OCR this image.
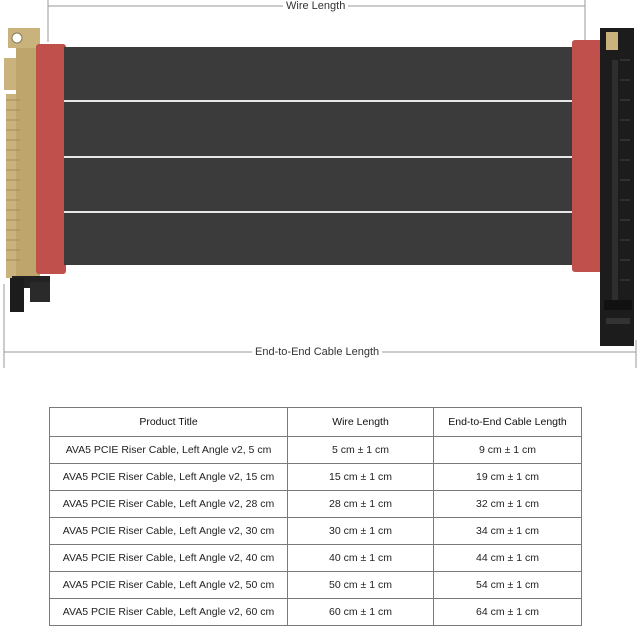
Wire Length
End-to-End Cable Length
Product Title	Wire Length	End-to-End Cable Length
AVA5 PCIE Riser Cable, Left Angle v2, 5 cm	5 cm ± 1 cm	9 cm ± 1 cm
AVA5 PCIE Riser Cable, Left Angle v2, 15 cm	15 cm ± 1 cm	19 cm ± 1 cm
AVA5 PCIE Riser Cable, Left Angle v2, 28 cm	28 cm ± 1 cm	32 cm ± 1 cm
AVA5 PCIE Riser Cable, Left Angle v2, 30 cm	30 cm ± 1 cm	34 cm ± 1 cm
AVA5 PCIE Riser Cable, Left Angle v2, 40 cm	40 cm ± 1 cm	44 cm ± 1 cm
AVA5 PCIE Riser Cable, Left Angle v2, 50 cm	50 cm ± 1 cm	54 cm ± 1 cm
AVA5 PCIE Riser Cable, Left Angle v2, 60 cm	60 cm ± 1 cm	64 cm ± 1 cm
